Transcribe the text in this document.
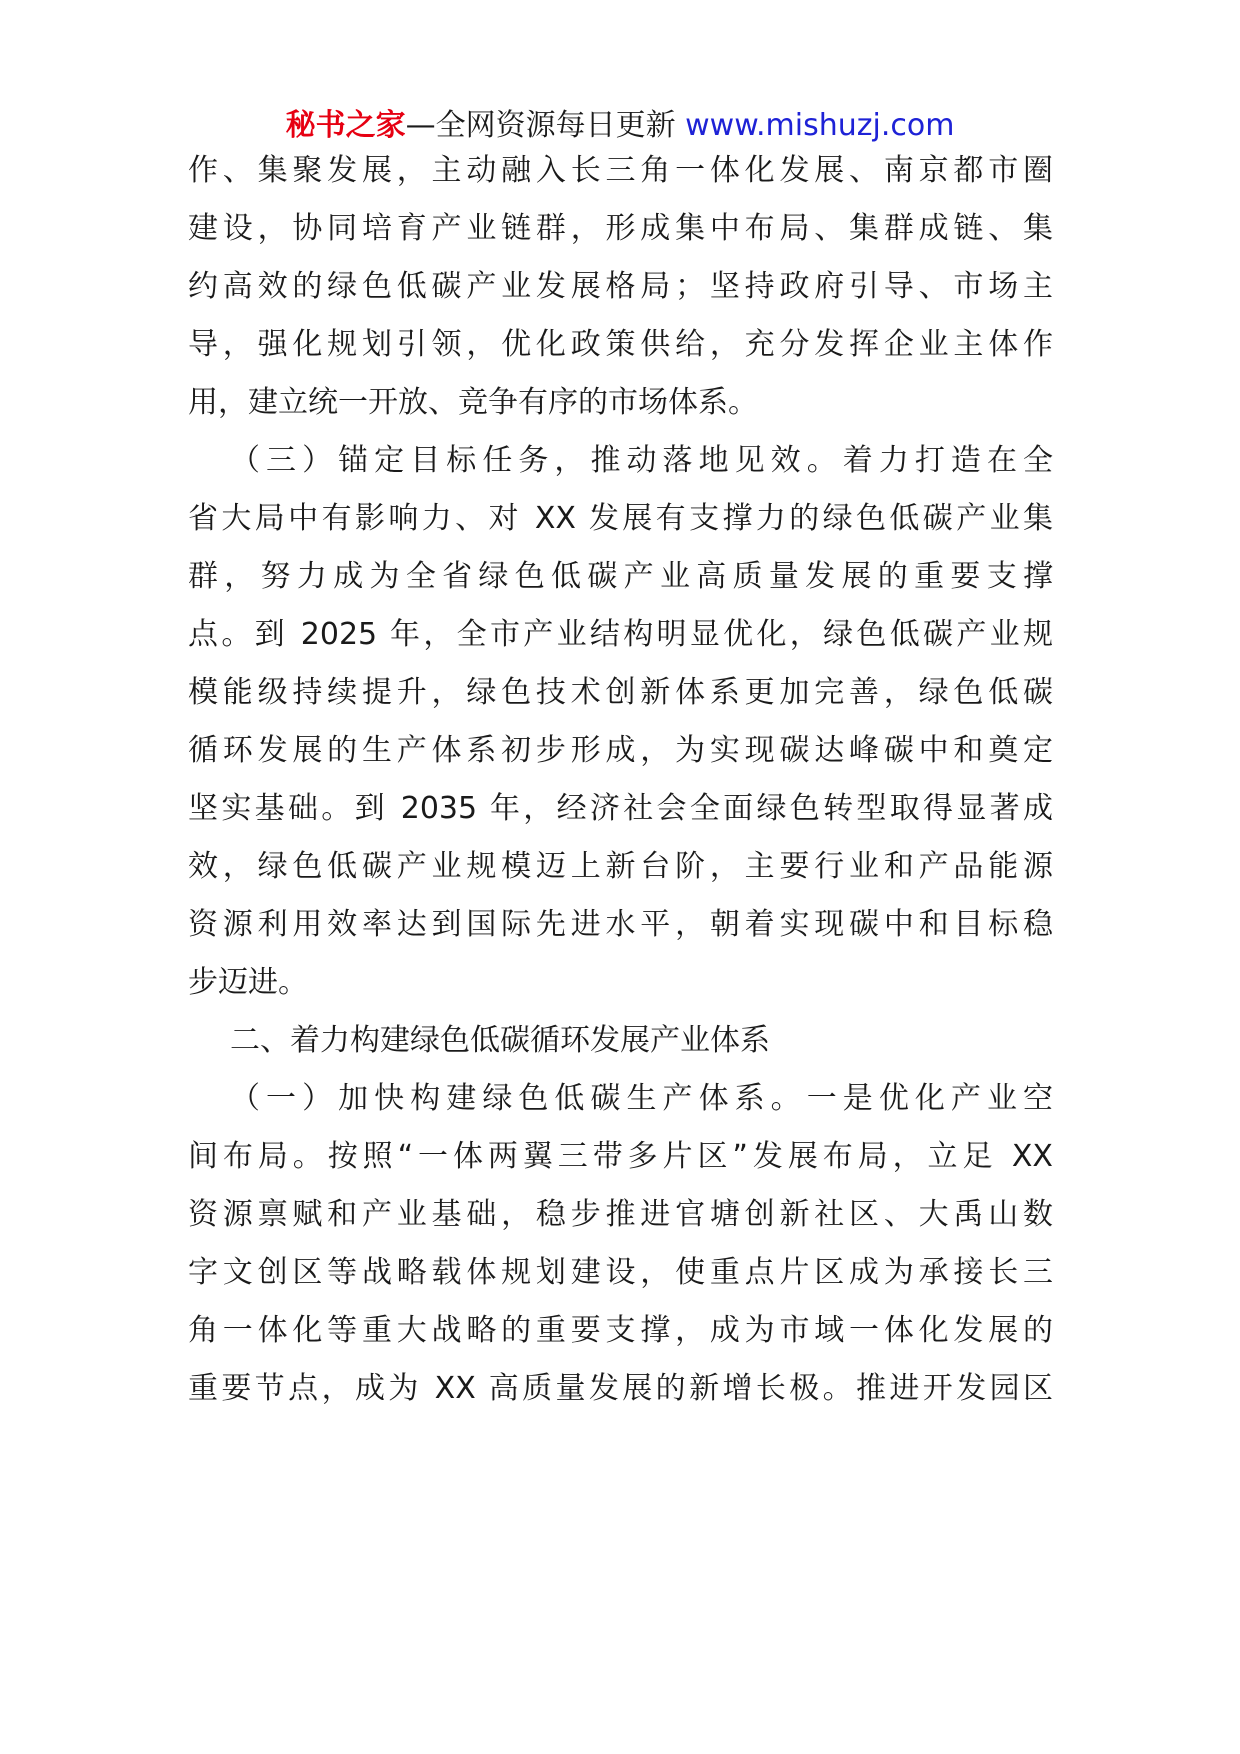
秘书之家—全网资源每日更新 www.mishuzj.com
作、集聚发展，主动融入长三角一体化发展、南京都市圈
建设，协同培育产业链群，形成集中布局、集群成链、集
约高效的绿色低碳产业发展格局；坚持政府引导、市场主
导，强化规划引领，优化政策供给，充分发挥企业主体作
用，建立统一开放、竞争有序的市场体系。
（三）锚定目标任务，推动落地见效。着力打造在全
省大局中有影响力、对 XX 发展有支撑力的绿色低碳产业集
群，努力成为全省绿色低碳产业高质量发展的重要支撑
点。到 2025 年，全市产业结构明显优化，绿色低碳产业规
模能级持续提升，绿色技术创新体系更加完善，绿色低碳
循环发展的生产体系初步形成，为实现碳达峰碳中和奠定
坚实基础。到 2035 年，经济社会全面绿色转型取得显著成
效，绿色低碳产业规模迈上新台阶，主要行业和产品能源
资源利用效率达到国际先进水平，朝着实现碳中和目标稳
步迈进。
二、着力构建绿色低碳循环发展产业体系
（一）加快构建绿色低碳生产体系。一是优化产业空
间布局。按照“一体两翼三带多片区”发展布局，立足 XX
资源禀赋和产业基础，稳步推进官塘创新社区、大禹山数
字文创区等战略载体规划建设，使重点片区成为承接长三
角一体化等重大战略的重要支撑，成为市域一体化发展的
重要节点，成为 XX 高质量发展的新增长极。推进开发园区
